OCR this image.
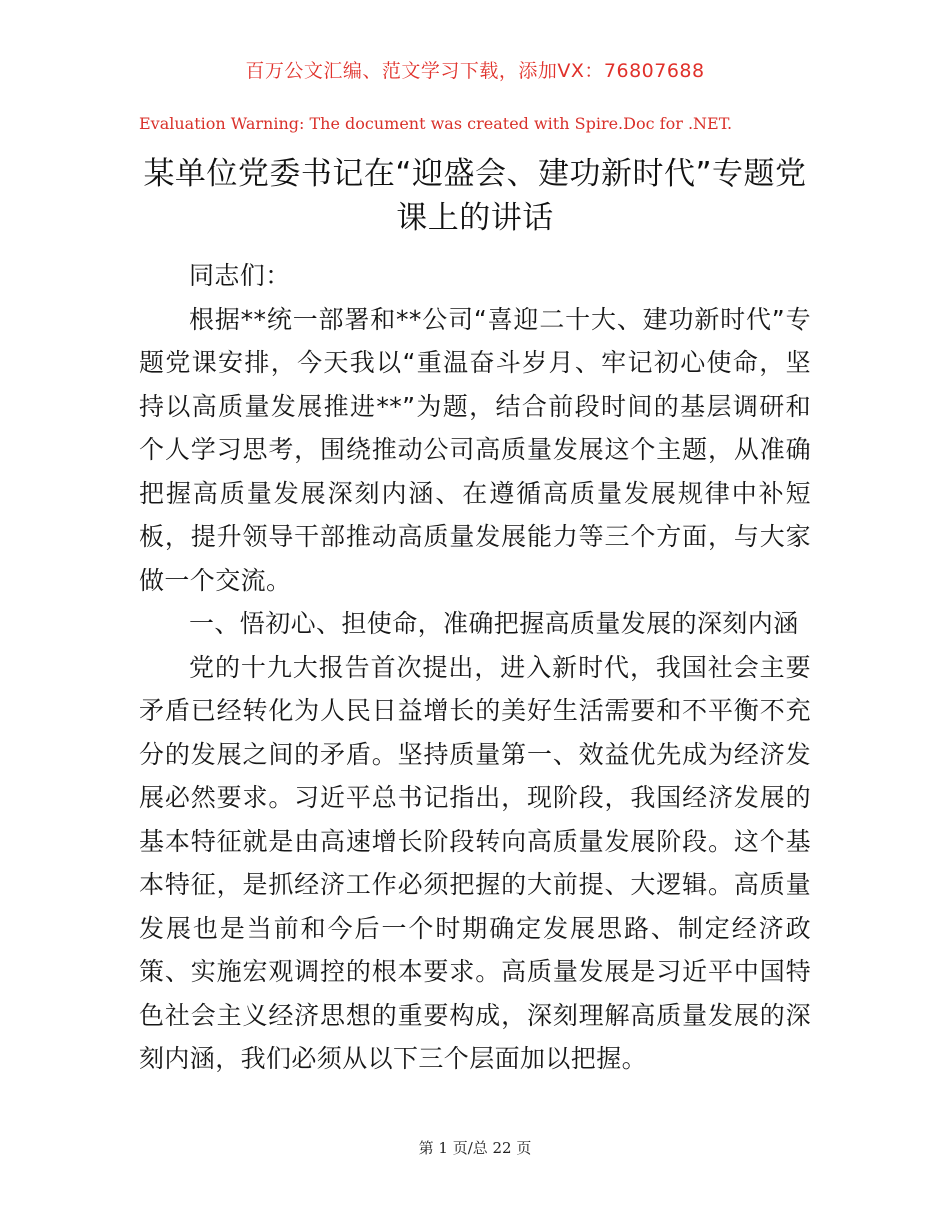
百万公文汇编、范文学习下载，添加VX：76807688
Evaluation Warning: The document was created with Spire.Doc for .NET.
某单位党委书记在“迎盛会、建功新时代”专题党课上的讲话

同志们：

根据**统一部署和**公司“喜迎二十大、建功新时代”专题党课安排，今天我以“重温奋斗岁月、牢记初心使命，坚持以高质量发展推进**”为题，结合前段时间的基层调研和个人学习思考，围绕推动公司高质量发展这个主题，从准确把握高质量发展深刻内涵、在遵循高质量发展规律中补短板，提升领导干部推动高质量发展能力等三个方面，与大家做一个交流。

一、悟初心、担使命，准确把握高质量发展的深刻内涵

党的十九大报告首次提出，进入新时代，我国社会主要矛盾已经转化为人民日益增长的美好生活需要和不平衡不充分的发展之间的矛盾。坚持质量第一、效益优先成为经济发展必然要求。习近平总书记指出，现阶段，我国经济发展的基本特征就是由高速增长阶段转向高质量发展阶段。这个基本特征，是抓经济工作必须把握的大前提、大逻辑。高质量发展也是当前和今后一个时期确定发展思路、制定经济政策、实施宏观调控的根本要求。高质量发展是习近平中国特色社会主义经济思想的重要构成，深刻理解高质量发展的深刻内涵，我们必须从以下三个层面加以把握。

第 1 页/总 22 页
